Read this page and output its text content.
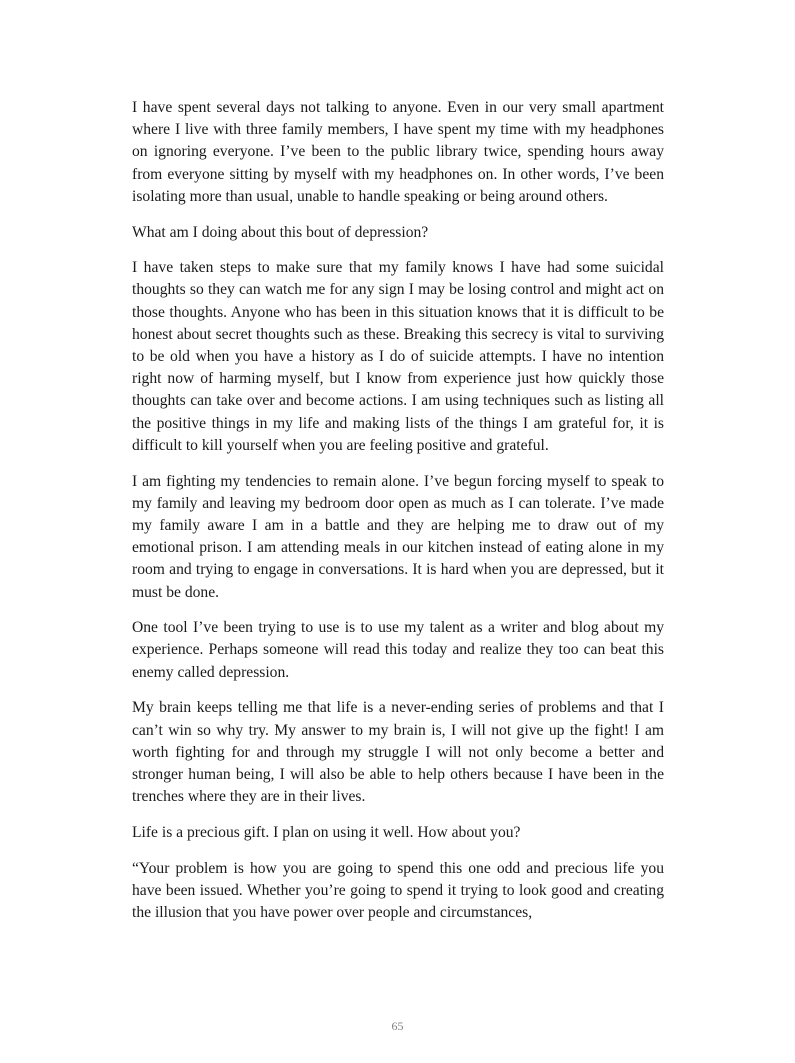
I have spent several days not talking to anyone. Even in our very small apartment where I live with three family members, I have spent my time with my headphones on ignoring everyone. I’ve been to the public library twice, spending hours away from everyone sitting by myself with my headphones on. In other words, I’ve been isolating more than usual, unable to handle speaking or being around others.

What am I doing about this bout of depression?

I have taken steps to make sure that my family knows I have had some suicidal thoughts so they can watch me for any sign I may be losing control and might act on those thoughts. Anyone who has been in this situation knows that it is difficult to be honest about secret thoughts such as these. Breaking this secrecy is vital to surviving to be old when you have a history as I do of suicide attempts. I have no intention right now of harming myself, but I know from experience just how quickly those thoughts can take over and become actions. I am using techniques such as listing all the positive things in my life and making lists of the things I am grateful for, it is difficult to kill yourself when you are feeling positive and grateful.

I am fighting my tendencies to remain alone. I’ve begun forcing myself to speak to my family and leaving my bedroom door open as much as I can tolerate. I’ve made my family aware I am in a battle and they are helping me to draw out of my emotional prison. I am attending meals in our kitchen instead of eating alone in my room and trying to engage in conversations. It is hard when you are depressed, but it must be done.

One tool I’ve been trying to use is to use my talent as a writer and blog about my experience. Perhaps someone will read this today and realize they too can beat this enemy called depression.

My brain keeps telling me that life is a never-ending series of problems and that I can’t win so why try. My answer to my brain is, I will not give up the fight! I am worth fighting for and through my struggle I will not only become a better and stronger human being, I will also be able to help others because I have been in the trenches where they are in their lives.

Life is a precious gift. I plan on using it well. How about you?

“Your problem is how you are going to spend this one odd and precious life you have been issued. Whether you’re going to spend it trying to look good and creating the illusion that you have power over people and circumstances,

65
